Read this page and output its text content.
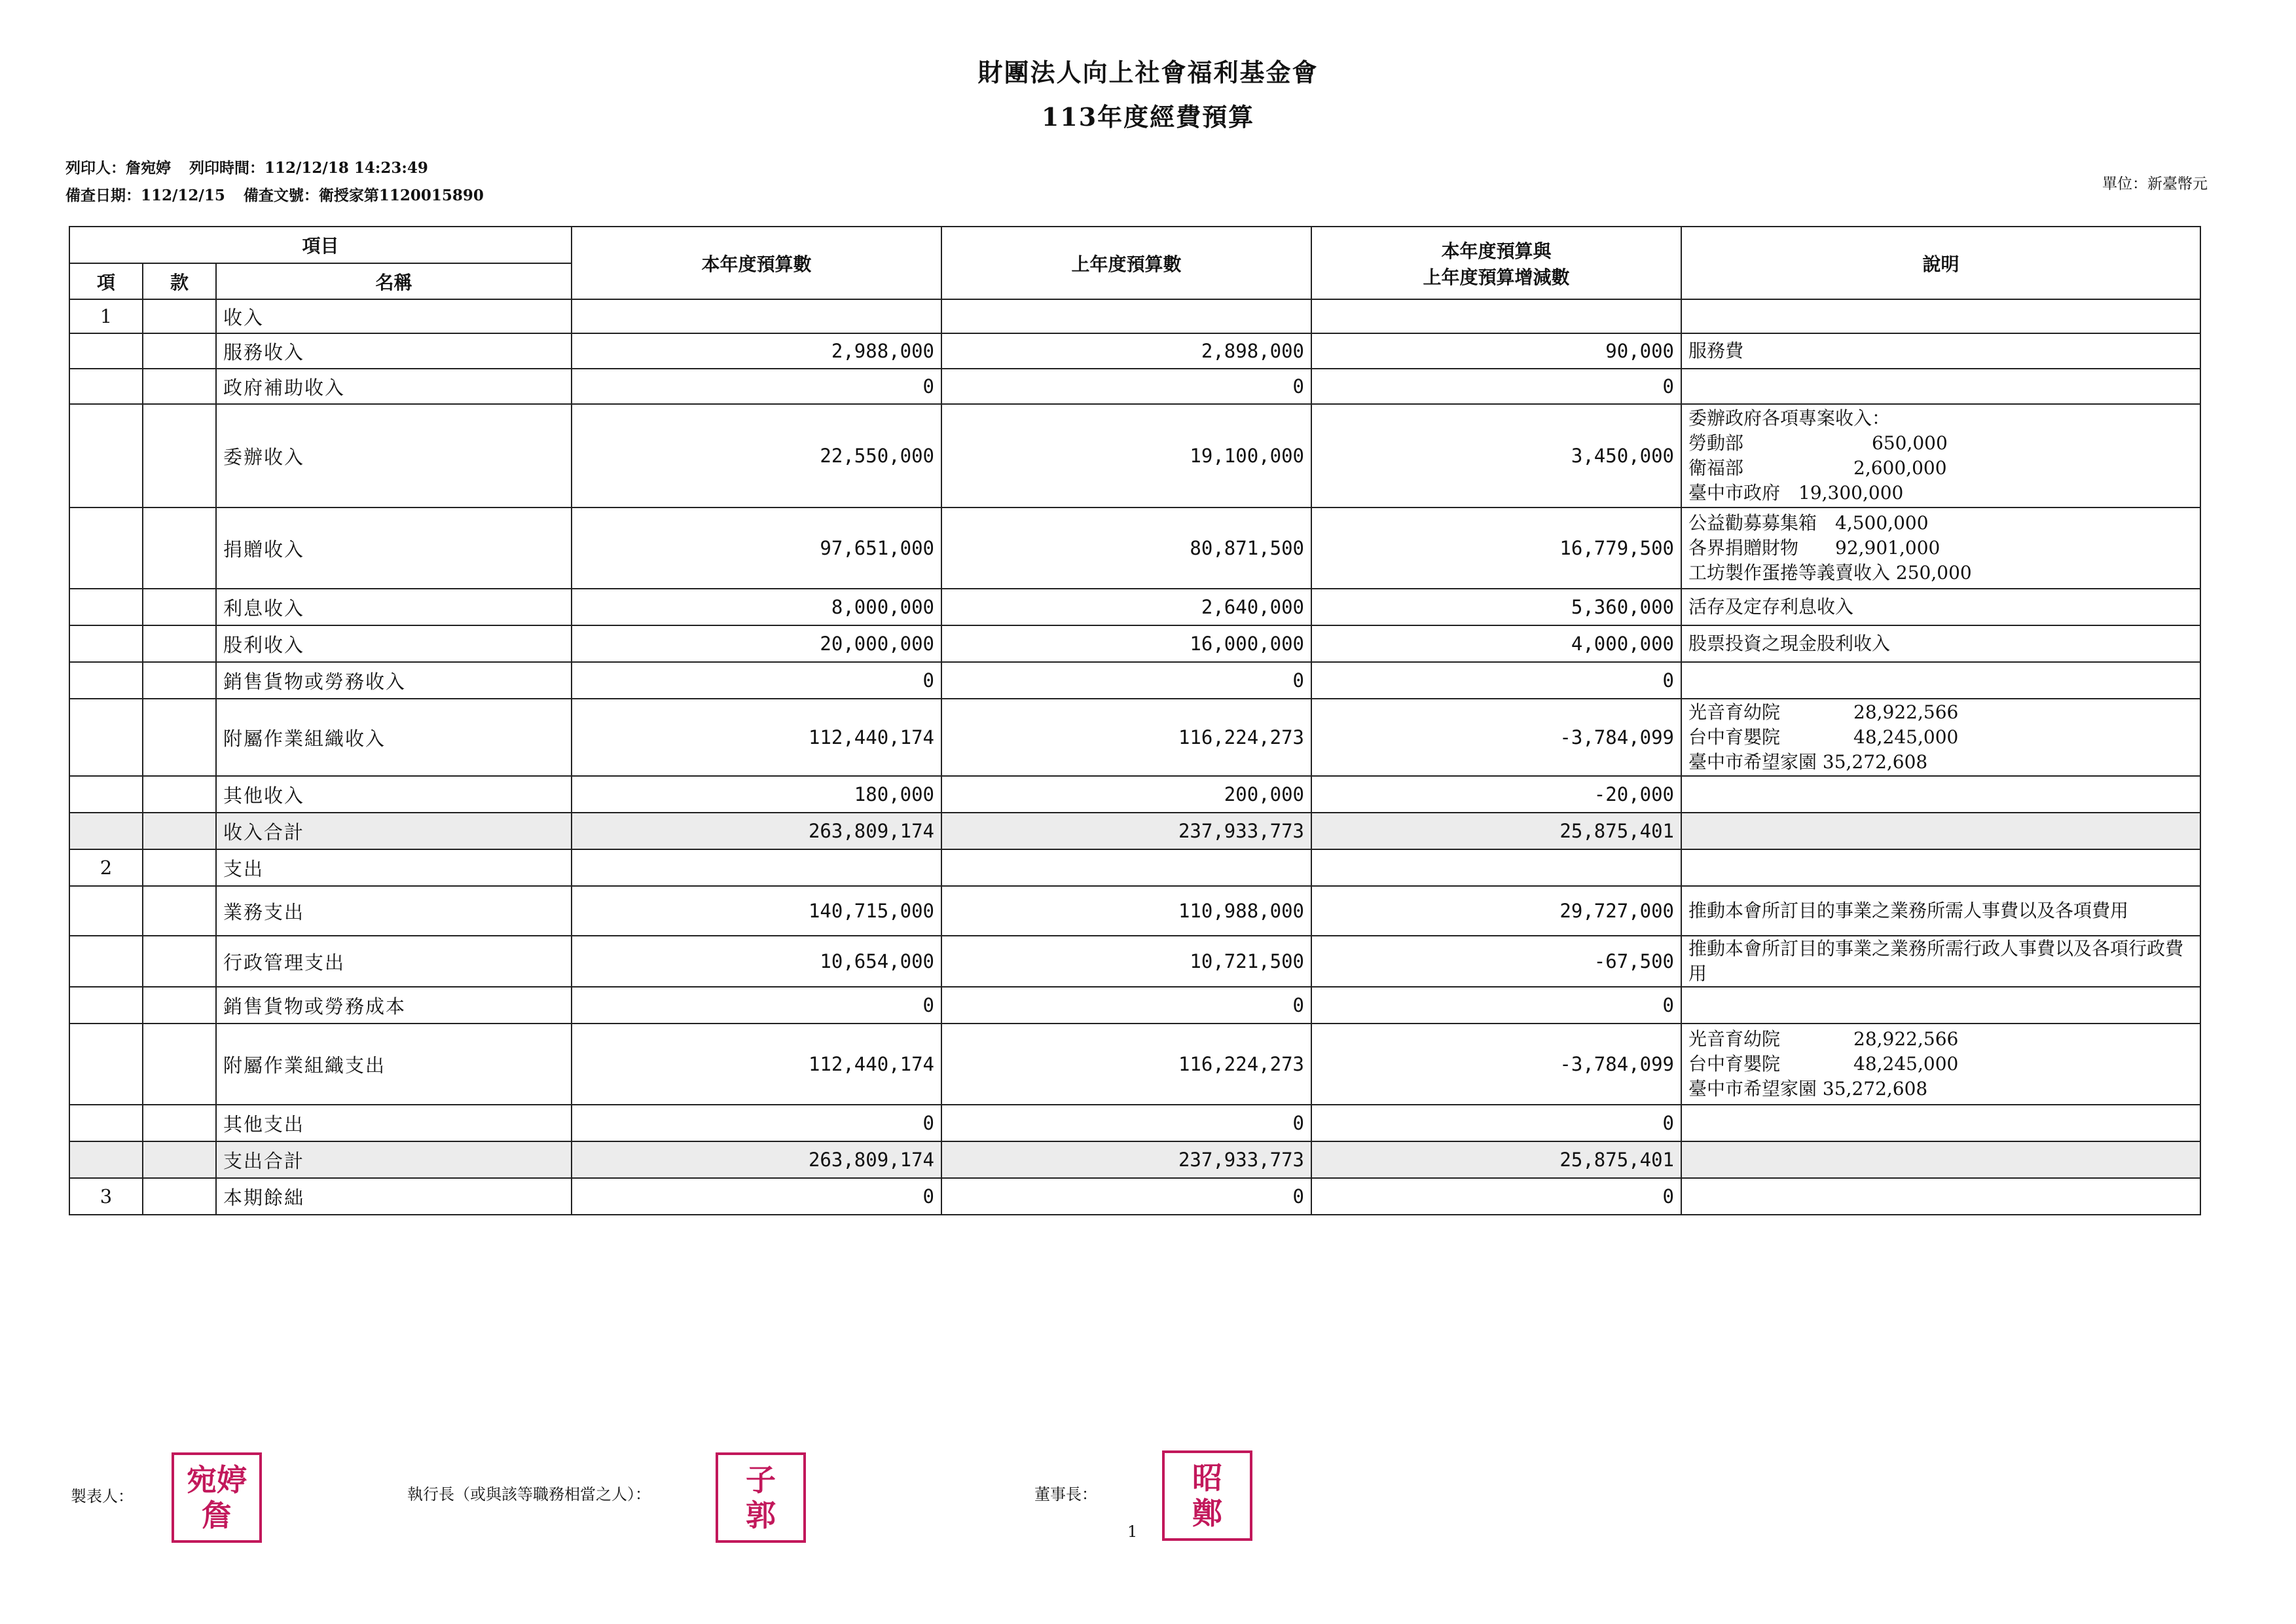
財團法人向上社會福利基金會
113年度經費預算
列印人：詹宛婷 列印時間：112/12/18 14:23:49
備查日期：112/12/15 備查文號：衛授家第1120015890
單位：新臺幣元
項目			本年度預算數	上年度預算數	本年度預算與
上年度預算增減數	說明
項	款	名稱				
1		收入				
		服務收入	2,988,000	2,898,000	90,000	服務費

		政府補助收入	0	0	0	
		委辦收入	22,550,000	19,100,000	3,450,000	委辦政府各項專案收入：
勞動部　　　　　　　650,000
衛福部　　　　　　2,600,000
臺中市政府　19,300,000

		捐贈收入	97,651,000	80,871,500	16,779,500	公益勸募募集箱　4,500,000
各界捐贈財物　　92,901,000
工坊製作蛋捲等義賣收入 250,000

		利息收入	8,000,000	2,640,000	5,360,000	活存及定存利息收入

		股利收入	20,000,000	16,000,000	4,000,000	股票投資之現金股利收入

		銷售貨物或勞務收入	0	0	0	
		附屬作業組織收入	112,440,174	116,224,273	-3,784,099	光音育幼院　　　　28,922,566
台中育嬰院　　　　48,245,000
臺中市希望家園 35,272,608

		其他收入	180,000	200,000	-20,000	
		收入合計	263,809,174	237,933,773	25,875,401	
2		支出				
		業務支出	140,715,000	110,988,000	29,727,000	推動本會所訂目的事業之業務所需人事費以及各項費用

		行政管理支出	10,654,000	10,721,500	-67,500	推動本會所訂目的事業之業務所需行政人事費以及各項行政費用

		銷售貨物或勞務成本	0	0	0	
		附屬作業組織支出	112,440,174	116,224,273	-3,784,099	光音育幼院　　　　28,922,566
台中育嬰院　　　　48,245,000
臺中市希望家園 35,272,608

		其他支出	0	0	0	
		支出合計	263,809,174	237,933,773	25,875,401	
3		本期餘絀	0	0	0	
製表人： 宛婷詹
執行長（或與該等職務相當之人）：	子郭
董事長：	昭鄭
1
